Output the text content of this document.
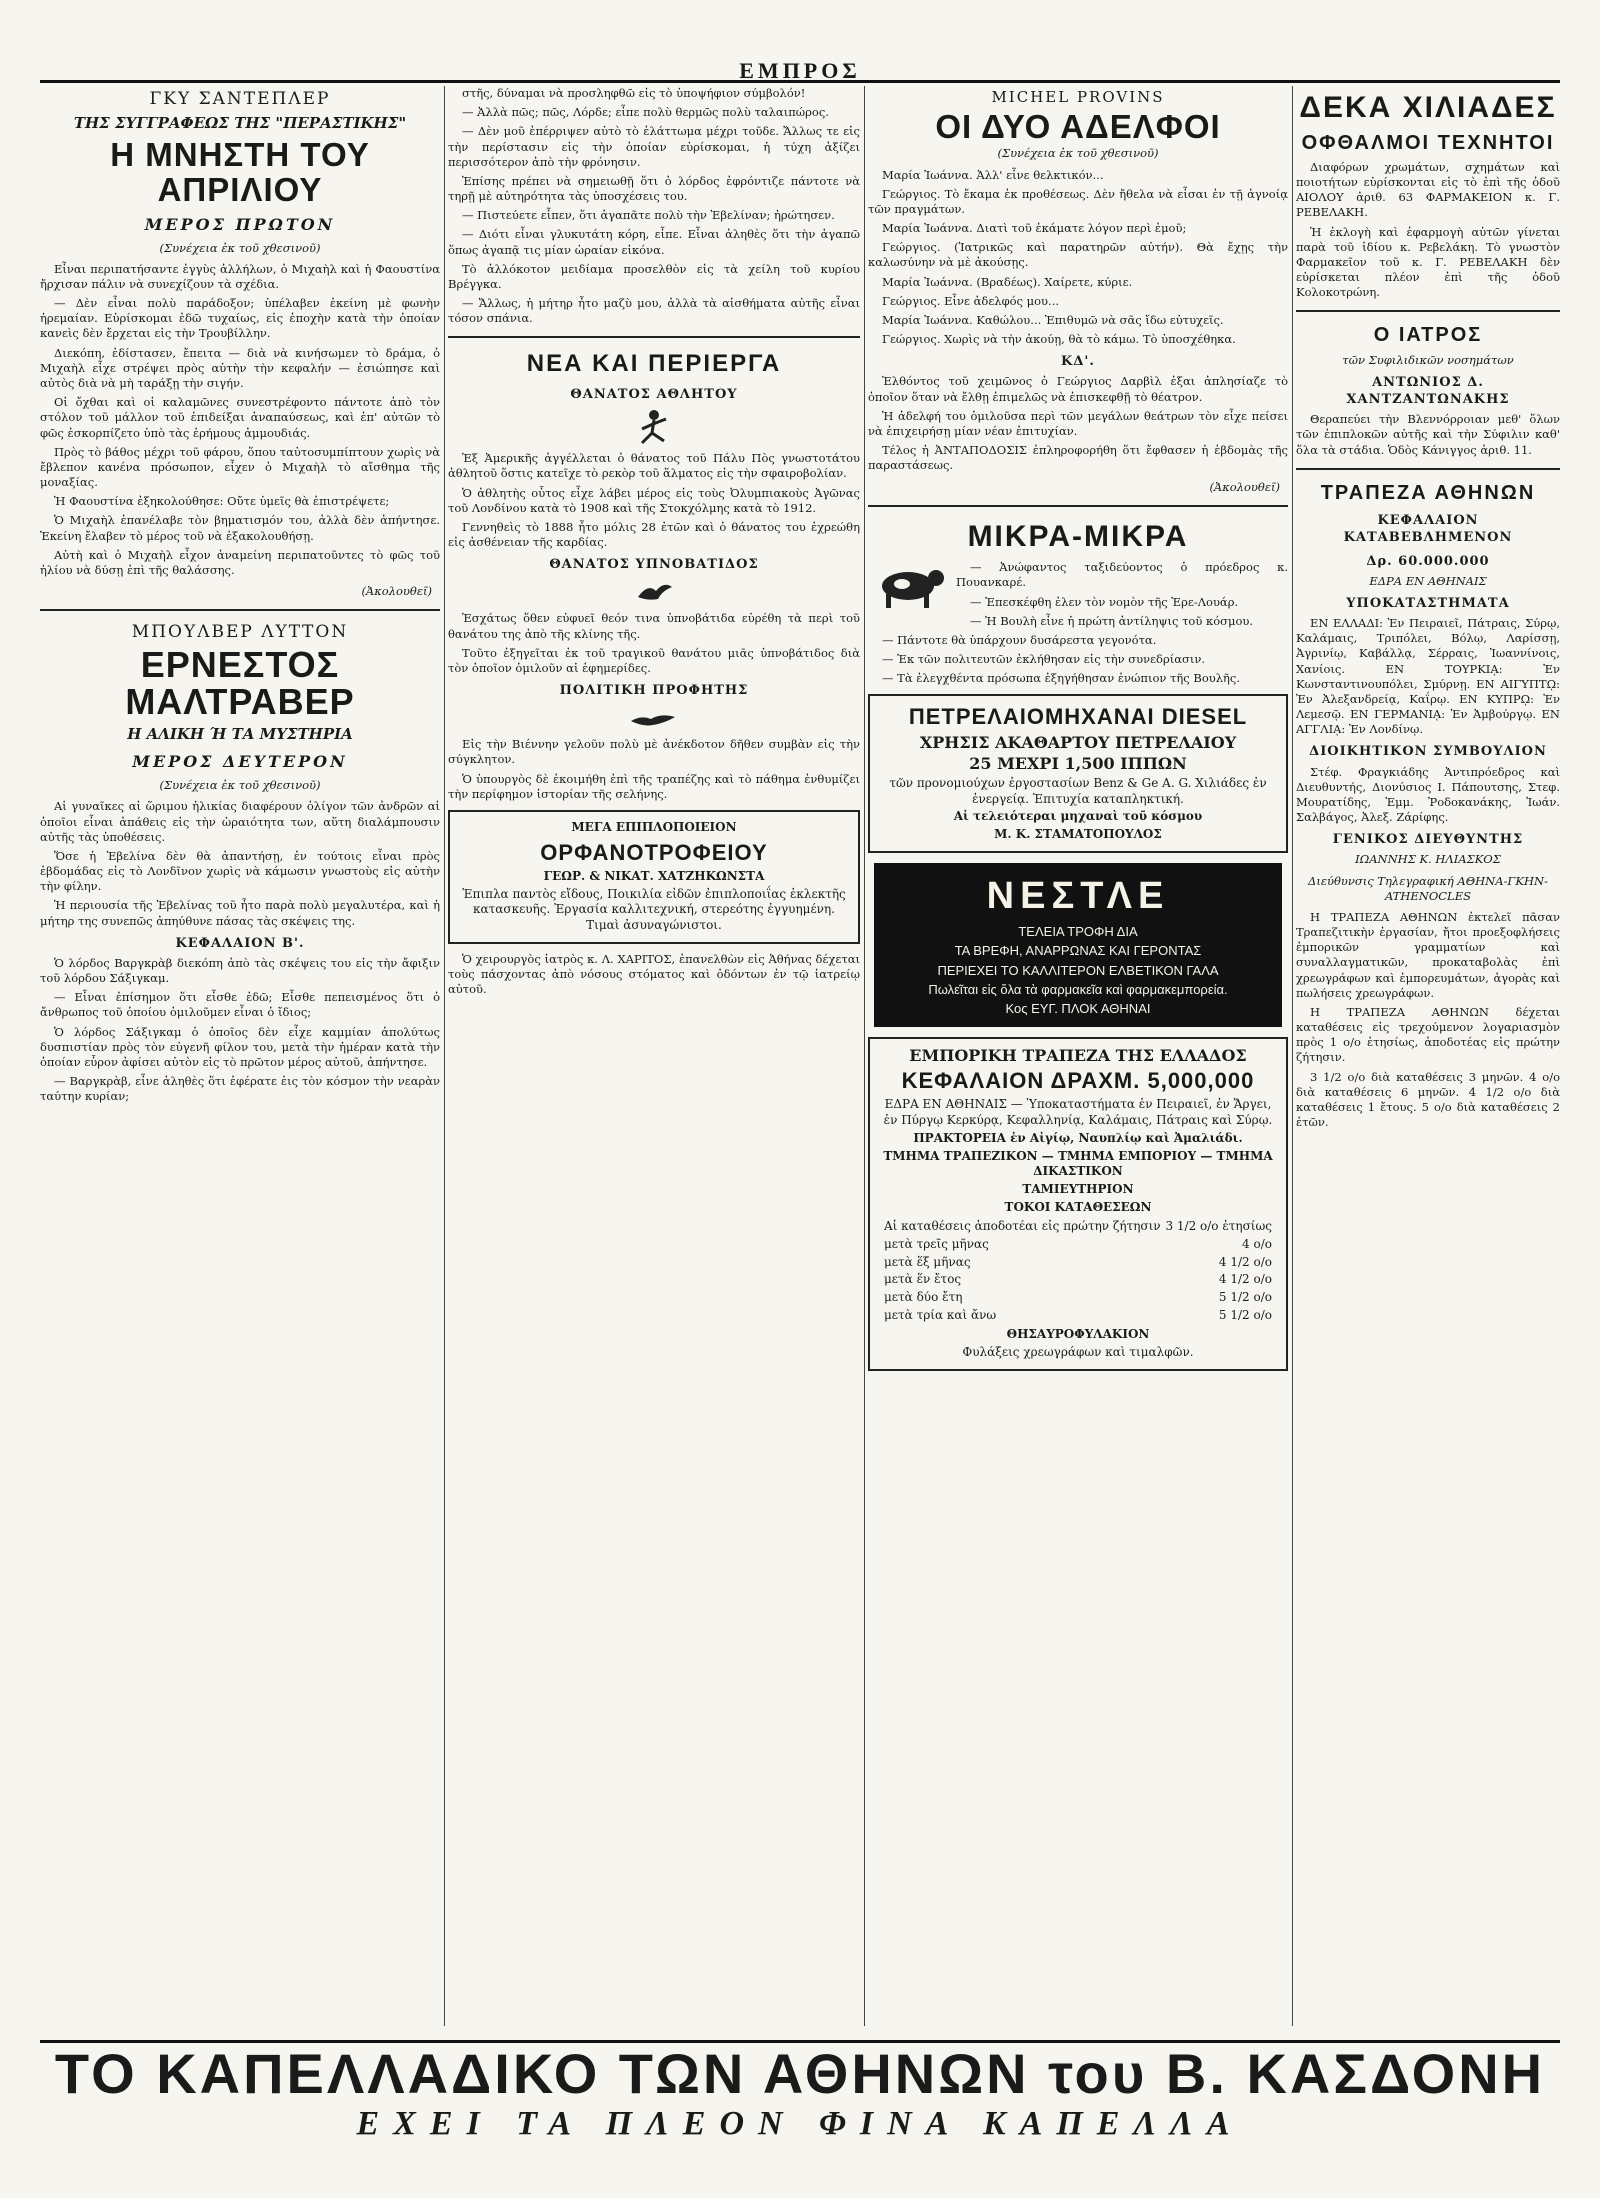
ΕΜΠΡΟΣ
ΓΚΥ ΣΑΝΤΕΠΛΕΡ
ΤΗΣ ΣΥΓΓΡΑΦΕΩΣ ΤΗΣ "ΠΕΡΑΣΤΙΚΗΣ"
Η ΜΝΗΣΤΗ ΤΟΥ ΑΠΡΙΛΙΟΥ
ΜΕΡΟΣ ΠΡΩΤΟΝ
(Συνέχεια ἐκ τοῦ χθεσινοῦ)

Εἶναι περιπατήσαντε ἐγγὺς ἀλλήλων, ὁ Μιχαὴλ καὶ ἡ Φαουστίνα ἤρχισαν πάλιν νὰ συνεχίζουν τὰ σχέδια.

— Δὲν εἶναι πολὺ παράδοξον; ὑπέλαβεν ἐκείνη μὲ φωνὴν ἠρεμαίαν. Εὑρίσκομαι ἐδῶ τυχαίως, εἰς ἐποχὴν κατὰ τὴν ὁποίαν κανεὶς δὲν ἔρχεται εἰς τὴν Τρουβίλλην.

Διεκόπη, ἐδίστασεν, ἔπειτα — διὰ νὰ κινήσωμεν τὸ δράμα, ὁ Μιχαὴλ εἶχε στρέψει πρὸς αὐτὴν τὴν κεφαλήν — ἐσιώπησε καὶ αὐτὸς διὰ νὰ μὴ ταράξῃ τὴν σιγήν.

Οἱ ὄχθαι καὶ οἱ καλαμῶνες συνεστρέφοντο πάντοτε ἀπὸ τὸν στόλον τοῦ μάλλον τοῦ ἐπιδείξαι ἀναπαύσεως, καὶ ἐπ' αὐτῶν τὸ φῶς ἐσκορπίζετο ὑπὸ τὰς ἐρήμους ἀμμουδιάς.

Πρὸς τὸ βάθος μέχρι τοῦ φάρου, ὅπου ταὐτοσυμπίπτουν χωρὶς νὰ ἔβλεπον κανένα πρόσωπον, εἶχεν ὁ Μιχαὴλ τὸ αἴσθημα τῆς μοναξίας.

Ἡ Φαουστίνα ἐξηκολούθησε: Οὔτε ὑμεῖς θὰ ἐπιστρέψετε;

Ὁ Μιχαὴλ ἐπανέλαβε τὸν βηματισμόν του, ἀλλὰ δὲν ἀπήντησε. Ἐκείνη ἔλαβεν τὸ μέρος τοῦ νὰ ἐξακολουθήσῃ.

Αὐτὴ καὶ ὁ Μιχαὴλ εἶχον ἀναμείνη περιπατοῦντες τὸ φῶς τοῦ ἡλίου νὰ δύσῃ ἐπὶ τῆς θαλάσσης.

(Ἀκολουθεῖ)
ΜΠΟΥΛΒΕΡ ΛΥΤΤΟΝ
ΕΡΝΕΣΤΟΣ ΜΑΛΤΡΑΒΕΡ
Η ΑΛΙΚΗ Ή ΤΑ ΜΥΣΤΗΡΙΑ
ΜΕΡΟΣ ΔΕΥΤΕΡΟΝ
(Συνέχεια ἐκ τοῦ χθεσινοῦ)

Αἱ γυναῖκες αἱ ὥριμου ἡλικίας διαφέρουν ὀλίγον τῶν ἀνδρῶν αἱ ὁποῖοι εἶναι ἀπάθεις εἰς τὴν ὡραιότητα των, αὕτη διαλάμπουσιν αὐτῆς τὰς ὑποθέσεις.

Ὅσε ἡ Ἐβελίνα δὲν θὰ ἀπαντήσῃ, ἐν τούτοις εἶναι πρὸς ἑβδομάδας εἰς τὸ Λονδῖνον χωρὶς νὰ κάμωσιν γνωστοὺς εἰς αὐτὴν τὴν φίλην.

Ἡ περιουσία τῆς Ἐβελίνας τοῦ ἦτο παρὰ πολὺ μεγαλυτέρα, καὶ ἡ μήτηρ της συνεπῶς ἀπηύθυνε πάσας τὰς σκέψεις της.

ΚΕΦΑΛΑΙΟΝ Β'.

Ὁ λόρδος Βαργκρὰβ διεκόπη ἀπὸ τὰς σκέψεις του εἰς τὴν ἄφιξιν τοῦ λόρδου Σάξιγκαμ.

— Εἶναι ἐπίσημον ὅτι εἶσθε ἐδῶ; Εἶσθε πεπεισμένος ὅτι ὁ ἄνθρωπος τοῦ ὁποίου ὁμιλοῦμεν εἶναι ὁ ἴδιος;

Ὁ λόρδος Σάξιγκαμ ὁ ὁποῖος δὲν εἶχε καμμίαν ἀπολύτως δυσπιστίαν πρὸς τὸν εὐγενῆ φίλον του, μετὰ τὴν ἡμέραν κατὰ τὴν ὁποίαν εὗρον ἀφίσει αὐτὸν εἰς τὸ πρῶτον μέρος αὐτοῦ, ἀπήντησε.

— Βαργκρὰβ, εἶνε ἀληθὲς ὅτι ἐφέρατε ἐις τὸν κόσμον τὴν νεαρὰν ταύτην κυρίαν;

στῆς, δύναμαι νὰ προσληφθῶ εἰς τὸ ὑποψήφιον σύμβολόν!

— Ἀλλὰ πῶς; πῶς, Λόρδε; εἶπε πολὺ θερμῶς πολὺ ταλαιπώρος.

— Δὲν μοῦ ἐπέρριψεν αὐτὸ τὸ ἐλάττωμα μέχρι τοῦδε. Ἄλλως τε εἰς τὴν περίστασιν εἰς τὴν ὁποίαν εὑρίσκομαι, ἡ τύχη ἀξίζει περισσότερον ἀπὸ τὴν φρόνησιν.

Ἐπίσης πρέπει νὰ σημειωθῇ ὅτι ὁ λόρδος ἐφρόντιζε πάντοτε νὰ τηρῇ μὲ αὐτηρότητα τὰς ὑποσχέσεις του.

— Πιστεύετε εἶπεν, ὅτι ἀγαπᾶτε πολὺ τὴν Ἐβελίναν; ἠρώτησεν.

— Διότι εἶναι γλυκυτάτη κόρη, εἶπε. Εἶναι ἀληθὲς ὅτι τὴν ἀγαπῶ ὅπως ἀγαπᾷ τις μίαν ὡραίαν εἰκόνα.

Τὸ ἀλλόκοτον μειδίαμα προσελθὸν εἰς τὰ χείλη τοῦ κυρίου Βρέγγκα.

— Ἄλλως, ἡ μήτηρ ἦτο μαζὺ μου, ἀλλὰ τὰ αἰσθήματα αὐτῆς εἶναι τόσον σπάνια.

ΝΕΑ ΚΑΙ ΠΕΡΙΕΡΓΑ
ΘΑΝΑΤΟΣ ΑΘΛΗΤΟΥ

Ἐξ Ἀμερικῆς ἀγγέλλεται ὁ θάνατος τοῦ Πάλυ Πὸς γνωστοτάτου ἀθλητοῦ ὅστις κατεῖχε τὸ ρεκὸρ τοῦ ἅλματος εἰς τὴν σφαιροβολίαν.

Ὁ ἀθλητὴς οὗτος εἶχε λάβει μέρος εἰς τοὺς Ὀλυμπιακοὺς Ἀγῶνας τοῦ Λονδίνου κατὰ τὸ 1908 καὶ τῆς Στοκχόλμης κατὰ τὸ 1912.

Γεννηθεὶς τὸ 1888 ἦτο μόλις 28 ἐτῶν καὶ ὁ θάνατος του ἐχρεώθη εἰς ἀσθένειαν τῆς καρδίας.

ΘΑΝΑΤΟΣ ΥΠΝΟΒΑΤΙΔΟΣ

Ἐσχάτως ὅθεν εὐφυεῖ θεόν τινα ὑπνοβάτιδα εὑρέθη τὰ περὶ τοῦ θανάτου της ἀπὸ τῆς κλίνης τῆς.

Τοῦτο ἐξηγεῖται ἐκ τοῦ τραγικοῦ θανάτου μιᾶς ὑπνοβάτιδος διὰ τὸν ὁποῖον ὁμιλοῦν αἱ ἐφημερίδες.

ΠΟΛΙΤΙΚΗ ΠΡΟΦΗΤΗΣ

Εἰς τὴν Βιέννην γελοῦν πολὺ μὲ ἀνέκδοτον δῆθεν συμβὰν εἰς τὴν σύγκλητον.

Ὁ ὑπουργὸς δὲ ἐκοιμήθη ἐπὶ τῆς τραπέζης καὶ τὸ πάθημα ἐνθυμίζει τὴν περίφημον ἱστορίαν τῆς σελήνης.

ΜΕΓΑ ΕΠΙΠΛΟΠΟΙΕΙΟΝ
ΟΡΦΑΝΟΤΡΟΦΕΙΟΥ
ΓΕΩΡ. & ΝΙΚΑΤ. ΧΑΤΖΗΚΩΝΣΤΑ
Ἐπιπλα παντὸς εἴδους, Ποικιλία εἰδῶν ἐπιπλοποιΐας ἐκλεκτῆς κατασκευῆς. Ἐργασία καλλιτεχνική, στερεότης ἐγγυημένη. Τιμαὶ ἀσυναγώνιστοι.

Ὁ χειρουργὸς ἰατρὸς κ. Λ. ΧΑΡΙΤΟΣ, ἐπανελθὼν εἰς Ἀθήνας δέχεται τοὺς πάσχοντας ἀπὸ νόσους στόματος καὶ ὀδόντων ἐν τῷ ἰατρείῳ αὐτοῦ.

MICHEL PROVINS
ΟΙ ΔΥΟ ΑΔΕΛΦΟΙ
(Συνέχεια ἐκ τοῦ χθεσινοῦ)

Μαρία Ἰωάννα. Ἀλλ' εἶνε θελκτικόν...

Γεώργιος. Τὸ ἔκαμα ἐκ προθέσεως. Δὲν ἤθελα νὰ εἶσαι ἐν τῇ ἀγνοίᾳ τῶν πραγμάτων.

Μαρία Ἰωάννα. Διατὶ τοῦ ἐκάματε λόγον περὶ ἐμοῦ;

Γεώργιος. (Ἰατρικῶς καὶ παρατηρῶν αὐτήν). Θὰ ἔχῃς τὴν καλωσύνην νὰ μὲ ἀκούσῃς.

Μαρία Ἰωάννα. (Βραδέως). Χαίρετε, κύριε.

Γεώργιος. Εἶνε ἀδελφός μου...

Μαρία Ἰωάννα. Καθώλου... Ἐπιθυμῶ νὰ σᾶς ἴδω εὐτυχεῖς.

Γεώργιος. Χωρὶς νὰ τὴν ἀκούῃ, θὰ τὸ κάμω. Τὸ ὑποσχέθηκα.

ΚΔ'.

Ἐλθόντος τοῦ χειμῶνος ὁ Γεώργιος Δαρβὶλ ἐξαι ἀπλησίαζε τὸ ὁποῖον ὅταν νὰ ἔλθῃ ἐπιμελῶς νὰ ἐπισκεφθῇ τὸ θέατρον.

Ἡ ἀδελφή του ὁμιλοῦσα περὶ τῶν μεγάλων θεάτρων τὸν εἶχε πείσει νὰ ἐπιχειρήσῃ μίαν νέαν ἐπιτυχίαν.

Τέλος ἡ ἈΝΤΑΠΟΔΟΣΙΣ ἐπληροφορήθη ὅτι ἔφθασεν ἡ ἑβδομὰς τῆς παραστάσεως.

(Ἀκολουθεῖ)
ΜΙΚΡΑ-ΜΙΚΡΑ

— Ἀνώφαντος ταξιδεύοντος ὁ πρόεδρος κ. Πουανκαρέ.

— Ἐπεσκέφθη ἐλεν τὸν νομὸν τῆς Ἐρε-Λουάρ.

— Ἡ Βουλὴ εἶνε ἡ πρώτη ἀντίληψις τοῦ κόσμου.

— Πάντοτε θὰ ὑπάρχουν δυσάρεστα γεγονότα.

— Ἐκ τῶν πολιτευτῶν ἐκλήθησαν εἰς τὴν συνεδρίασιν.

— Τὰ ἐλεγχθέντα πρόσωπα ἐξηγήθησαν ἐνώπιον τῆς Βουλῆς.

ΠΕΤΡΕΛΑΙΟΜΗΧΑΝΑΙ DIESEL
ΧΡΗΣΙΣ ΑΚΑΘΑΡΤΟΥ ΠΕΤΡΕΛΑΙΟΥ
25 ΜΕΧΡΙ 1,500 ΙΠΠΩΝ
τῶν προνομιούχων ἐργοστασίων Benz & Ge A. G. Χιλιάδες ἐν ἐνεργείᾳ. Ἐπιτυχία καταπληκτική.
Αἱ τελειότεραι μηχαναὶ τοῦ κόσμου
Μ. Κ. ΣΤΑΜΑΤΟΠΟΥΛΟΣ
ΝΕΣΤΛΕ
ΤΕΛΕΙΑ ΤΡΟΦΗ ΔΙΑ
ΤΑ ΒΡΕΦΗ, ΑΝΑΡΡΩΝΑΣ ΚΑΙ ΓΕΡΟΝΤΑΣ
ΠΕΡΙΕΧΕΙ ΤΟ ΚΑΛΛΙΤΕΡΟΝ ΕΛΒΕΤΙΚΟΝ ΓΑΛΑ
Πωλεῖται εἰς ὅλα τὰ φαρμακεῖα καὶ φαρμακεμπορεία.
Κος ΕΥΓ. ΠΛΟΚ ΑΘΗΝΑΙ
ΕΜΠΟΡΙΚΗ ΤΡΑΠΕΖΑ ΤΗΣ ΕΛΛΑΔΟΣ
ΚΕΦΑΛΑΙΟΝ ΔΡΑΧΜ. 5,000,000
ΕΔΡΑ ΕΝ ΑΘΗΝΑΙΣ — Ὑποκαταστήματα ἐν Πειραιεῖ, ἐν Ἄργει, ἐν Πύργῳ Κερκύρᾳ, Κεφαλληνίᾳ, Καλάμαις, Πάτραις καὶ Σύρῳ.
ΠΡΑΚΤΟΡΕΙΑ ἐν Αἰγίῳ, Ναυπλίῳ καὶ Ἀμαλιάδι.
ΤΜΗΜΑ ΤΡΑΠΕΖΙΚΟΝ — ΤΜΗΜΑ ΕΜΠΟΡΙΟΥ — ΤΜΗΜΑ ΔΙΚΑΣΤΙΚΟΝ
ΤΑΜΙΕΥΤΗΡΙΟΝ
ΤΟΚΟΙ ΚΑΤΑΘΕΣΕΩΝ
Αἱ καταθέσεις ἀποδοτέαι εἰς πρώτην ζήτησιν 3 1/2 ο/ο ἐτησίως
μετὰ τρεῖς μῆνας	4 ο/ο
μετὰ ἕξ μῆνας	4 1/2 ο/ο
μετὰ ἕν ἔτος	4 1/2 ο/ο
μετὰ δύο ἔτη	5 1/2 ο/ο
μετὰ τρία καὶ ἄνω	5 1/2 ο/ο
ΘΗΣΑΥΡΟΦΥΛΑΚΙΟΝ
Φυλάξεις χρεωγράφων καὶ τιμαλφῶν.
ΔΕΚΑ ΧΙΛΙΑΔΕΣ
ΟΦΘΑΛΜΟΙ ΤΕΧΝΗΤΟΙ

Διαφόρων χρωμάτων, σχημάτων καὶ ποιοτήτων εὑρίσκονται εἰς τὸ ἐπὶ τῆς ὁδοῦ ΑΙΟΛΟΥ ἀριθ. 63 ΦΑΡΜΑΚΕΙΟΝ κ. Γ. ΡΕΒΕΛΑΚΗ.

Ἡ ἐκλογὴ καὶ ἐφαρμογὴ αὐτῶν γίνεται παρὰ τοῦ ἰδίου κ. Ρεβελάκη. Τὸ γνωστὸν Φαρμακεῖον τοῦ κ. Γ. ΡΕΒΕΛΑΚΗ δὲν εὑρίσκεται πλέον ἐπὶ τῆς ὁδοῦ Κολοκοτρώνη.

Ο ΙΑΤΡΟΣ
τῶν Συφιλιδικῶν νοσημάτων
ΑΝΤΩΝΙΟΣ Δ. ΧΑΝΤΖΑΝΤΩΝΑΚΗΣ

Θεραπεύει τὴν Βλεννόρροιαν μεθ' ὅλων τῶν ἐπιπλοκῶν αὐτῆς καὶ τὴν Σύφιλιν καθ' ὅλα τὰ στάδια. Ὁδὸς Κάνιγγος ἀριθ. 11.

ΤΡΑΠΕΖΑ ΑΘΗΝΩΝ
ΚΕΦΑΛΑΙΟΝ ΚΑΤΑΒΕΒΛΗΜΕΝΟΝ
Δρ. 60.000.000
ΕΔΡΑ ΕΝ ΑΘΗΝΑΙΣ
ΥΠΟΚΑΤΑΣΤΗΜΑΤΑ

ΕΝ ΕΛΛΑΔΙ: Ἐν Πειραιεῖ, Πάτραις, Σύρῳ, Καλάμαις, Τριπόλει, Βόλῳ, Λαρίσσῃ, Ἀγρινίῳ, Καβάλλᾳ, Σέρραις, Ἰωαννίνοις, Χανίοις. ΕΝ ΤΟΥΡΚΙᾼ: Ἐν Κωνσταντινουπόλει, Σμύρνῃ. ΕΝ ΑΙΓΥΠΤῼ: Ἐν Ἀλεξανδρείᾳ, Καΐρῳ. ΕΝ ΚΥΠΡῼ: Ἐν Λεμεσῷ. ΕΝ ΓΕΡΜΑΝΙᾼ: Ἐν Ἀμβούργῳ. ΕΝ ΑΓΓΛΙᾼ: Ἐν Λονδίνῳ.

ΔΙΟΙΚΗΤΙΚΟΝ ΣΥΜΒΟΥΛΙΟΝ

Στέφ. Φραγκιάδης Ἀντιπρόεδρος καὶ Διευθυντής, Διονύσιος Ι. Πάπουτσης, Στεφ. Μουρατίδης, Ἐμμ. Ῥοδοκανάκης, Ἰωάν. Σαλβάγος, Ἀλεξ. Ζάρίφης.

ΓΕΝΙΚΟΣ ΔΙΕΥΘΥΝΤΗΣ
ΙΩΑΝΝΗΣ Κ. ΗΛΙΑΣΚΟΣ
Διεύθυνσις Τηλεγραφική ΑΘΗΝΑ-ΓΚΗΝ-ATHENOCLES

Η ΤΡΑΠΕΖΑ ΑΘΗΝΩΝ ἐκτελεῖ πᾶσαν Τραπεζιτικὴν ἐργασίαν, ἤτοι προεξοφλήσεις ἐμπορικῶν γραμματίων καὶ συναλλαγματικῶν, προκαταβολὰς ἐπὶ χρεωγράφων καὶ ἐμπορευμάτων, ἀγορὰς καὶ πωλήσεις χρεωγράφων.

Η ΤΡΑΠΕΖΑ ΑΘΗΝΩΝ δέχεται καταθέσεις εἰς τρεχούμενον λογαριασμὸν πρὸς 1 ο/ο ἐτησίως, ἀποδοτέας εἰς πρώτην ζήτησιν.

3 1/2 ο/ο διὰ καταθέσεις 3 μηνῶν. 4 ο/ο διὰ καταθέσεις 6 μηνῶν. 4 1/2 ο/ο διὰ καταθέσεις 1 ἔτους. 5 ο/ο διὰ καταθέσεις 2 ἐτῶν.

ΤΟ ΚΑΠΕΛΛΑΔΙΚΟ ΤΩΝ ΑΘΗΝΩΝ του Β. ΚΑΣΔΟΝΗ
ΕΧΕΙ ΤΑ ΠΛΕΟΝ ΦΙΝΑ ΚΑΠΕΛΛΑ
